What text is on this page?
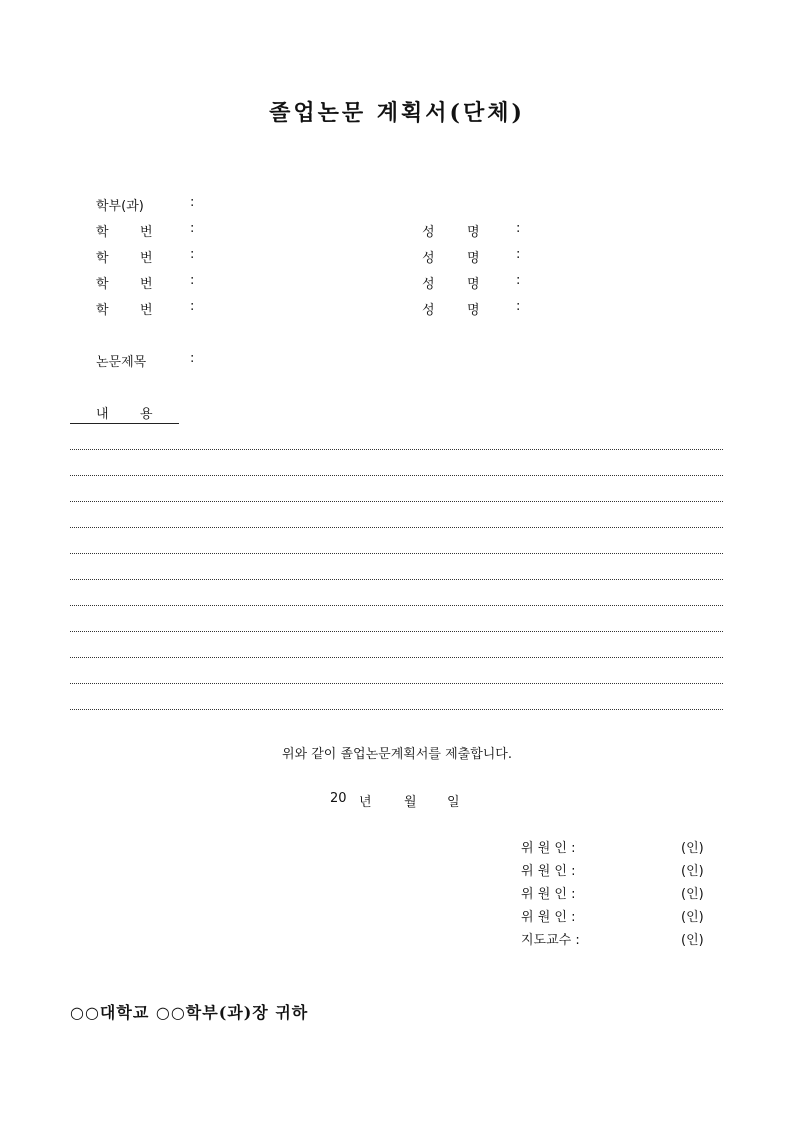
졸업논문 계획서(단체)
학부(과)	:
학 번	:	성 명	:
학 번	:	성 명	:
학 번	:	성 명	:
학 번	:	성 명	:
논문제목	:
내 용
위와 같이 졸업논문계획서를 제출합니다.
20 년 월 일
위 원 인 :	(인)
위 원 인 :	(인)
위 원 인 :	(인)
위 원 인 :	(인)
지도교수 :	(인)
○○대학교 ○○학부(과)장 귀하
